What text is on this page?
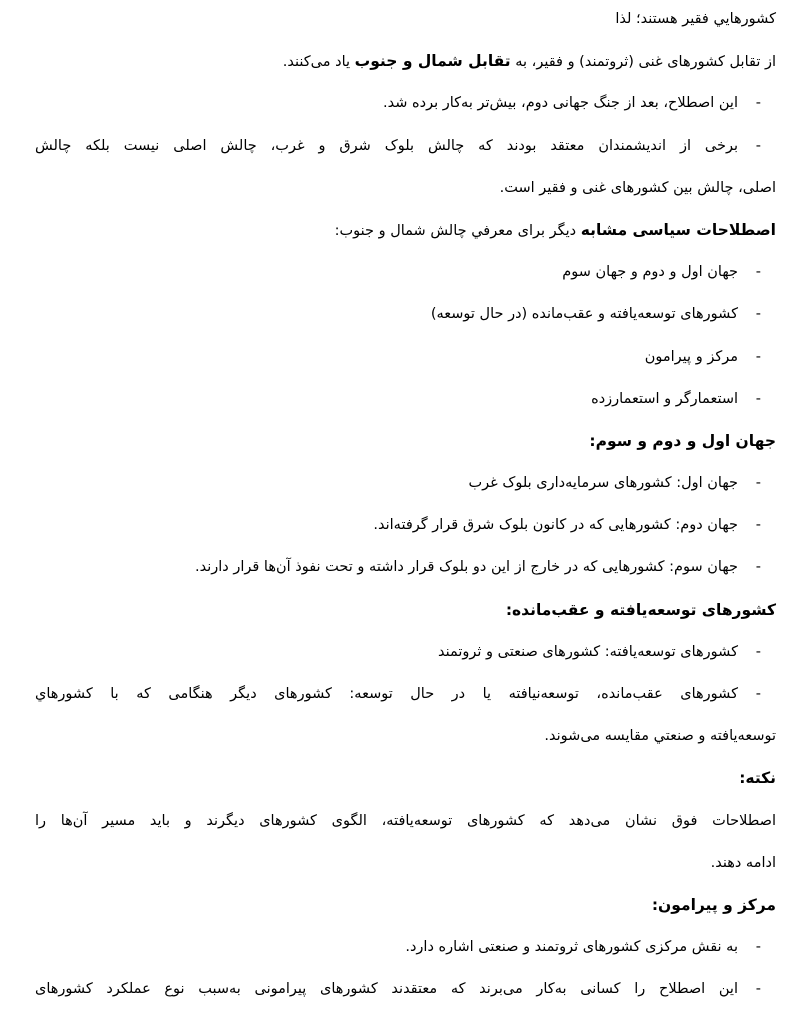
کشورهايي فقير هستند؛ لذا
از تقابل کشورهای غنی (ثروتمند) و فقیر، به تقابل شمال و جنوب یاد می‌کنند.
- این اصطلاح، بعد از جنگ جهانی دوم، بیش‌تر به‌کار برده شد.
- برخی از اندیشمندان معتقد بودند که چالش بلوک شرق و غرب، چالش اصلی نیست بلکه چالش
اصلی، چالش بین کشورهای غنی و فقیر است.
اصطلاحات سیاسی مشابه دیگر برای معرفي چالش شمال و جنوب:
- جهان اول و دوم و جهان سوم
- کشورهای توسعه‌یافته و عقب‌مانده (در حال توسعه)
- مرکز و پیرامون
- استعمارگر و استعمارزده
جهان اول و دوم و سوم:
- جهان اول: کشورهای سرمایه‌داری بلوک غرب
- جهان دوم: کشورهایی که در کانون بلوک شرق قرار گرفته‌اند.
- جهان سوم: کشورهایی که در خارج از این دو بلوک قرار داشته و تحت نفوذ آن‌ها قرار دارند.
کشورهای توسعه‌یافته و عقب‌مانده:
- کشورهای توسعه‌یافته: کشورهای صنعتی و ثروتمند
- کشورهای عقب‌مانده، توسعه‌نیافته یا در حال توسعه: کشورهای دیگر هنگامی که با کشورهاي
توسعه‌یافته و صنعتي مقایسه می‌شوند.
نکته:
اصطلاحات فوق نشان می‌دهد که کشورهای توسعه‌یافته، الگوی کشورهای دیگرند و باید مسیر آن‌ها را
ادامه دهند.
مرکز و پیرامون:
- به نقش مرکزی کشورهای ثروتمند و صنعتی اشاره دارد.
- این اصطلاح را کسانی به‌کار می‌برند که معتقدند کشورهای پیرامونی به‌سبب نوع عملکرد کشورهای
